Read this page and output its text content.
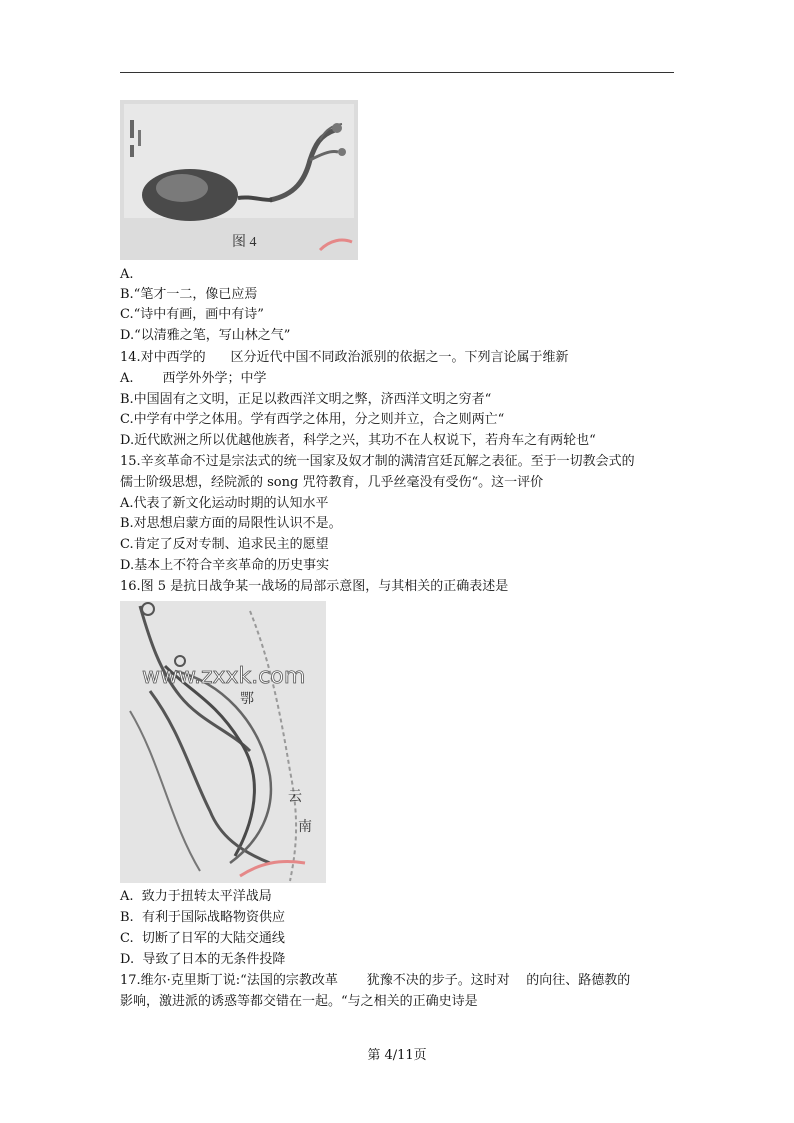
图 4
A.
B.“笔才一二，像已应焉
C.“诗中有画，画中有诗”
D.“以清雅之笔，写山林之气”
14.对中西学的      区分近代中国不同政治派别的依据之一。下列言论属于维新
A.       西学外外学；中学
B.中国固有之文明，正足以救西洋文明之弊，济西洋文明之穷者“
C.中学有中学之体用。学有西学之体用，分之则并立，合之则两亡“
D.近代欧洲之所以优越他族者，科学之兴，其功不在人权说下，若舟车之有两轮也“
15.辛亥革命不过是宗法式的统一国家及奴才制的满清宫廷瓦解之表征。至于一切教会式的
儒士阶级思想，经院派的 song 咒符教育，几乎丝毫没有受伤“。这一评价
A.代表了新文化运动时期的认知水平
B.对思想启蒙方面的局限性认识不是。
C.肯定了反对专制、追求民主的愿望
D.基本上不符合辛亥革命的历史事实
16.图 5 是抗日战争某一战场的局部示意图，与其相关的正确表述是
鄂
云
南
www.zxxk.com
A.  致力于扭转太平洋战局
B.  有利于国际战略物资供应
C.  切断了日军的大陆交通线
D.  导致了日本的无条件投降
17.维尔·克里斯丁说:“法国的宗教改革       犹豫不决的步子。这时对    的向往、路德教的
影响，激进派的诱惑等都交错在一起。“与之相关的正确史诗是
第 4/11页
